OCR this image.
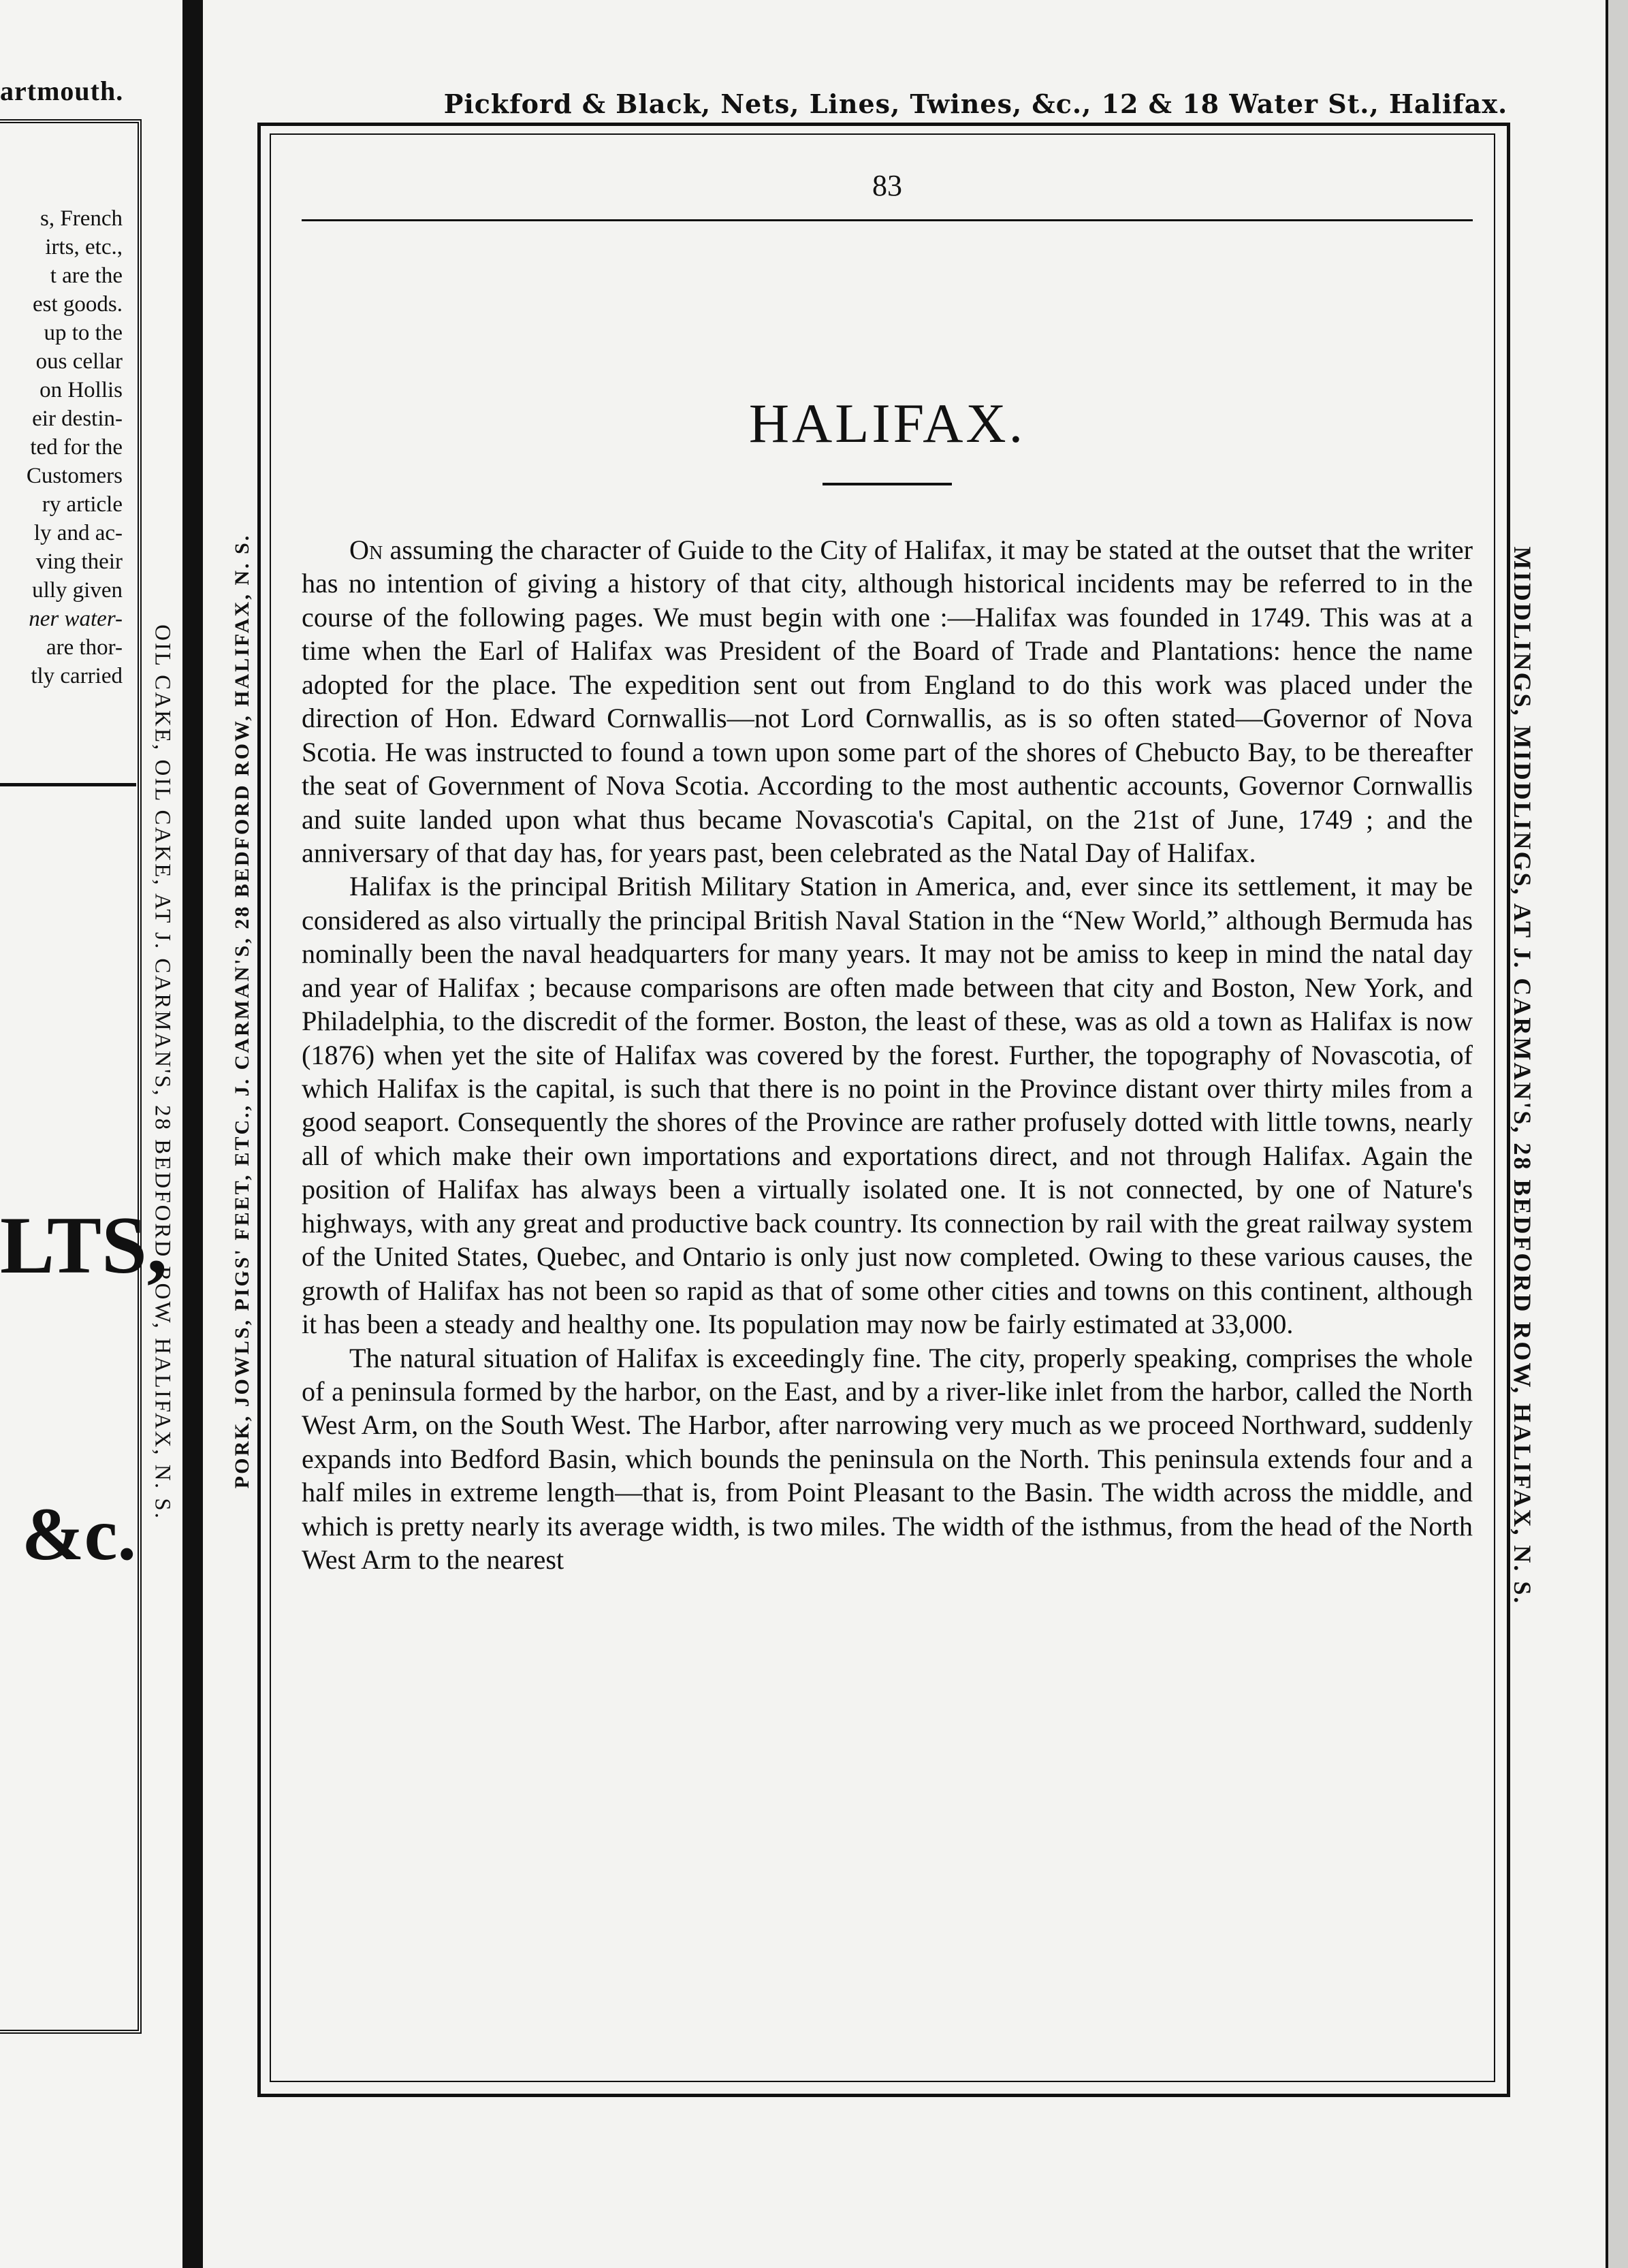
artmouth.
s, French
irts, etc.,
t are the
est goods.
up to the
ous cellar
on Hollis
eir destin-
ted for the
Customers
ry article
ly and ac-
ving their
ully given
ner water-
are thor-
tly carried
LTS,
&c.
OIL CAKE, OIL CAKE, AT J. CARMAN'S, 28 BEDFORD ROW, HALIFAX, N. S.
Pickford & Black, Nets, Lines, Twines, &c., 12 & 18 Water St., Halifax.
PORK, JOWLS, PIGS' FEET, ETC., J. CARMAN'S, 28 BEDFORD ROW, HALIFAX, N. S.	MIDDLINGS, MIDDLINGS, AT J. CARMAN'S, 28 BEDFORD ROW, HALIFAX, N. S.
83
HALIFAX.

On assuming the character of Guide to the City of Halifax, it may be stated at the outset that the writer has no intention of giving a history of that city, although historical incidents may be referred to in the course of the following pages. We must begin with one :—Halifax was founded in 1749. This was at a time when the Earl of Halifax was President of the Board of Trade and Plantations: hence the name adopted for the place. The expedition sent out from England to do this work was placed under the direction of Hon. Edward Cornwallis—not Lord Cornwallis, as is so often stated—Governor of Nova Scotia. He was instructed to found a town upon some part of the shores of Chebucto Bay, to be thereafter the seat of Government of Nova Scotia. According to the most authentic accounts, Governor Cornwallis and suite landed upon what thus became Novascotia's Capital, on the 21st of June, 1749 ; and the anniversary of that day has, for years past, been celebrated as the Natal Day of Halifax.

Halifax is the principal British Military Station in America, and, ever since its settlement, it may be considered as also virtually the principal British Naval Station in the “New World,” although Bermuda has nominally been the naval headquarters for many years. It may not be amiss to keep in mind the natal day and year of Halifax ; because comparisons are often made between that city and Boston, New York, and Philadelphia, to the discredit of the former. Boston, the least of these, was as old a town as Halifax is now (1876) when yet the site of Halifax was covered by the forest. Further, the topography of Novascotia, of which Halifax is the capital, is such that there is no point in the Province distant over thirty miles from a good seaport. Consequently the shores of the Province are rather profusely dotted with little towns, nearly all of which make their own importations and exportations direct, and not through Halifax. Again the position of Halifax has always been a virtually isolated one. It is not connected, by one of Nature's highways, with any great and productive back country. Its connection by rail with the great railway system of the United States, Quebec, and Ontario is only just now completed. Owing to these various causes, the growth of Halifax has not been so rapid as that of some other cities and towns on this continent, although it has been a steady and healthy one. Its population may now be fairly estimated at 33,000.

The natural situation of Halifax is exceedingly fine. The city, properly speaking, comprises the whole of a peninsula formed by the harbor, on the East, and by a river-like inlet from the harbor, called the North West Arm, on the South West. The Harbor, after narrowing very much as we proceed Northward, suddenly expands into Bedford Basin, which bounds the peninsula on the North. This peninsula extends four and a half miles in extreme length—that is, from Point Pleasant to the Basin. The width across the middle, and which is pretty nearly its average width, is two miles. The width of the isthmus, from the head of the North West Arm to the nearest
